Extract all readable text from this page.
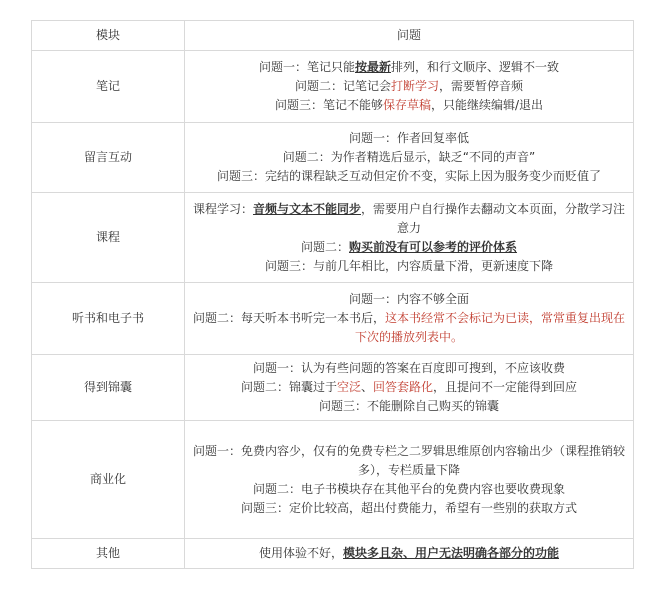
模块	问题
笔记	问题一：笔记只能按最新排列，和行文顺序、逻辑不一致
问题二：记笔记会打断学习，需要暂停音频
问题三：笔记不能够保存草稿，只能继续编辑/退出

留言互动	问题一：作者回复率低
问题二：为作者精选后显示，缺乏“不同的声音”
问题三：完结的课程缺乏互动但定价不变，实际上因为服务变少而贬值了

课程	课程学习：音频与文本不能同步，需要用户自行操作去翻动文本页面，分散学习注意力
问题二：购买前没有可以参考的评价体系
问题三：与前几年相比，内容质量下滑，更新速度下降

听书和电子书	问题一：内容不够全面
问题二：每天听本书听完一本书后，这本书经常不会标记为已读，常常重复出现在下次的播放列表中。

得到锦囊	问题一：认为有些问题的答案在百度即可搜到，不应该收费
问题二：锦囊过于空泛、回答套路化，且提问不一定能得到回应
问题三：不能删除自己购买的锦囊

商业化	问题一：免费内容少，仅有的免费专栏之二罗辑思维原创内容输出少（课程推销较多），专栏质量下降
问题二：电子书模块存在其他平台的免费内容也要收费现象
问题三：定价比较高，超出付费能力，希望有一些别的获取方式

其他	使用体验不好，模块多且杂、用户无法明确各部分的功能
